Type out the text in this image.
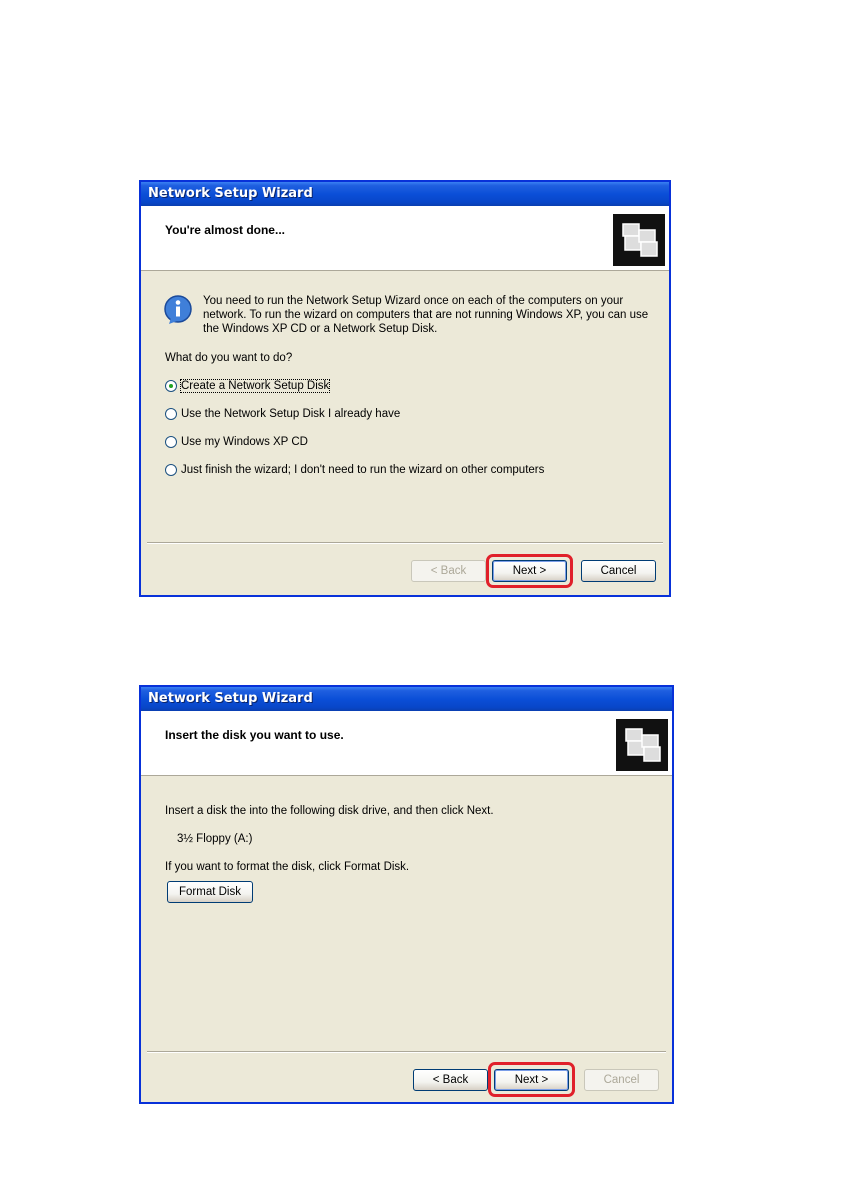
Network Setup Wizard
You're almost done...
You need to run the Network Setup Wizard once on each of the computers on your network. To run the wizard on computers that are not running Windows XP, you can use the Windows XP CD or a Network Setup Disk.
What do you want to do?
Create a Network Setup Disk
Use the Network Setup Disk I already have
Use my Windows XP CD
Just finish the wizard; I don't need to run the wizard on other computers
< Back	Next >	Cancel
Network Setup Wizard
Insert the disk you want to use.
Insert a disk the into the following disk drive, and then click Next.
3½ Floppy (A:)
If you want to format the disk, click Format Disk.
Format Disk
< Back	Next >	Cancel
